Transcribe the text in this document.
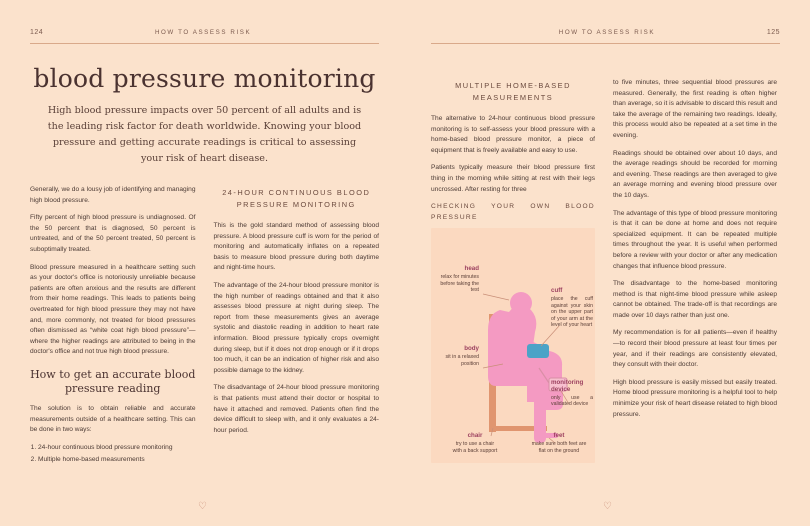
124	HOW TO ASSESS RISK
blood pressure monitoring

High blood pressure impacts over 50 percent of all adults and is the leading risk factor for death worldwide. Knowing your blood pressure and getting accurate readings is critical to assessing your risk of heart disease.

Generally, we do a lousy job of identifying and managing high blood pressure.

Fifty percent of high blood pressure is undiagnosed. Of the 50 percent that is diagnosed, 50 percent is untreated, and of the 50 percent treated, 50 percent is suboptimally treated.

Blood pressure measured in a healthcare setting such as your doctor's office is notoriously unreliable because patients are often anxious and the results are different from their home readings. This leads to patients being overtreated for high blood pressure they may not have and, more commonly, not treated for blood pressures often dismissed as “white coat high blood pressure”—where the higher readings are attributed to being in the doctor's office and not true high blood pressure.

How to get an accurate blood pressure reading

The solution is to obtain reliable and accurate measurements outside of a healthcare setting. This can be done in two ways:

1. 24-hour continuous blood pressure monitoring
2. Multiple home-based measurements
24-HOUR CONTINUOUS BLOOD PRESSURE MONITORING

This is the gold standard method of assessing blood pressure. A blood pressure cuff is worn for the period of monitoring and automatically inflates on a repeated basis to measure blood pressure during both daytime and night-time hours.

The advantage of the 24-hour blood pressure monitor is the high number of readings obtained and that it also assesses blood pressure at night during sleep. The report from these measurements gives an average systolic and diastolic reading in addition to heart rate information. Blood pressure typically crops overnight during sleep, but if it does not drop enough or if it drops too much, it can be an indication of higher risk and also possible damage to the kidney.

The disadvantage of 24-hour blood pressure monitoring is that patients must attend their doctor or hospital to have it attached and removed. Patients often find the device difficult to sleep with, and it only evaluates a 24-hour period.

♡
HOW TO ASSESS RISK	125
MULTIPLE HOME-BASED MEASUREMENTS

The alternative to 24-hour continuous blood pressure monitoring is to self-assess your blood pressure with a home-based blood pressure monitor, a piece of equipment that is freely available and easy to use.

Patients typically measure their blood pressure first thing in the morning while sitting at rest with their legs uncrossed. After resting for three

CHECKING YOUR OWN BLOOD PRESSURE
head
relax for minutes before taking the test	cuff
place the cuff against your skin on the upper part of your arm at the level of your heart
body
sit in a relaxed position
monitoring device
only use a validated device
chair
try to use a chair with a back support
feet
make sure both feet are flat on the ground

to five minutes, three sequential blood pressures are measured. Generally, the first reading is often higher than average, so it is advisable to discard this result and take the average of the remaining two readings. Ideally, this process would also be repeated at a set time in the evening.

Readings should be obtained over about 10 days, and the average readings should be recorded for morning and evening. These readings are then averaged to give an average morning and evening blood pressure over the 10 days.

The advantage of this type of blood pressure monitoring is that it can be done at home and does not require specialized equipment. It can be repeated multiple times throughout the year. It is useful when performed before a review with your doctor or after any medication changes that influence blood pressure.

The disadvantage to the home-based monitoring method is that night-time blood pressure while asleep cannot be obtained. The trade-off is that recordings are made over 10 days rather than just one.

My recommendation is for all patients—even if healthy—to record their blood pressure at least four times per year, and if their readings are consistently elevated, they consult with their doctor.

High blood pressure is easily missed but easily treated. Home blood pressure monitoring is a helpful tool to help minimize your risk of heart disease related to high blood pressure.

♡
